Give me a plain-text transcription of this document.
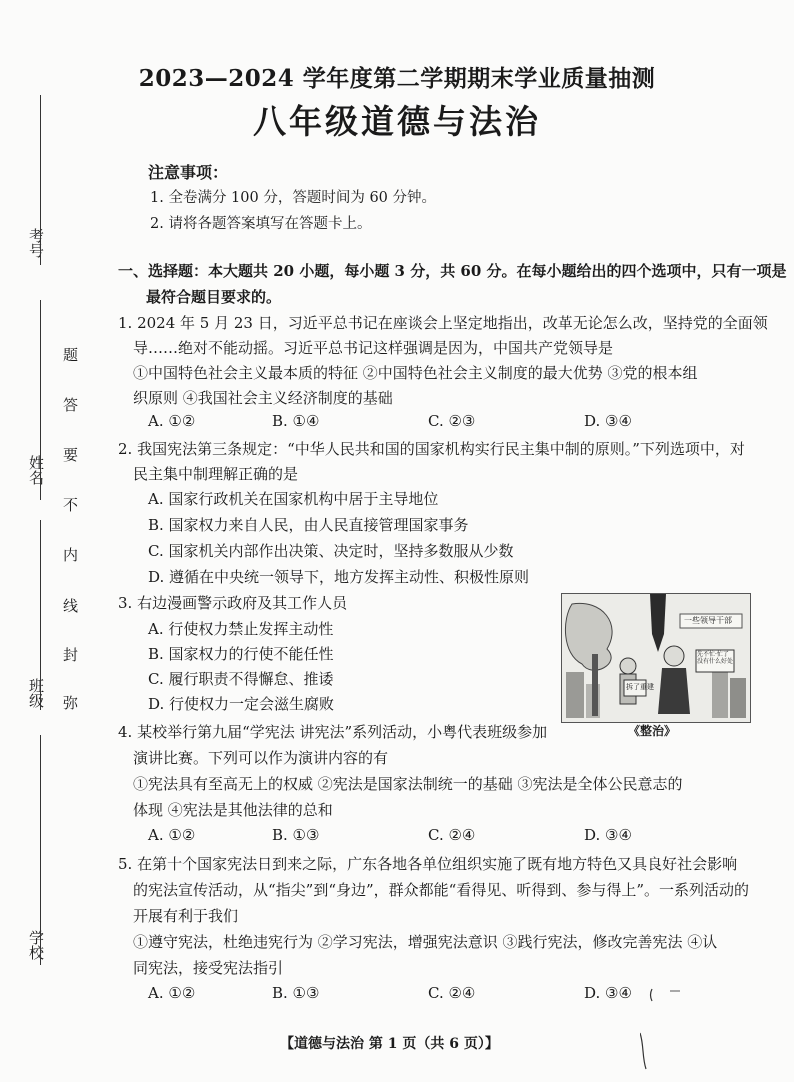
考号
姓名
班级
学校
弥
封
线
内
不
要
答
题
2023—2024 学年度第二学期期末学业质量抽测
八年级道德与法治
注意事项：
1. 全卷满分 100 分，答题时间为 60 分钟。
2. 请将各题答案填写在答题卡上。
一、选择题：本大题共 20 小题，每小题 3 分，共 60 分。在每小题给出的四个选项中，只有一项是
最符合题目要求的。
1. 2024 年 5 月 23 日，习近平总书记在座谈会上坚定地指出，改革无论怎么改，坚持党的全面领
导……绝对不能动摇。习近平总书记这样强调是因为，中国共产党领导是
①中国特色社会主义最本质的特征 ②中国特色社会主义制度的最大优势 ③党的根本组
织原则 ④我国社会主义经济制度的基础
A. ①②	B. ①④	C. ②③	D. ③④
2. 我国宪法第三条规定：“中华人民共和国的国家机构实行民主集中制的原则。”下列选项中，对
民主集中制理解正确的是
A. 国家行政机关在国家机构中居于主导地位
B. 国家权力来自人民，由人民直接管理国家事务
C. 国家机关内部作出决策、决定时，坚持多数服从少数
D. 遵循在中央统一领导下，地方发挥主动性、积极性原则
3. 右边漫画警示政府及其工作人员
A. 行使权力禁止发挥主动性
B. 国家权力的行使不能任性
C. 履行职责不得懈怠、推诿
D. 行使权力一定会滋生腐败
一些领导干部
拆了重建
先不忙·忙了没有什么好处
《整治》
4. 某校举行第九届“学宪法 讲宪法”系列活动，小粤代表班级参加
演讲比赛。下列可以作为演讲内容的有
①宪法具有至高无上的权威 ②宪法是国家法制统一的基础 ③宪法是全体公民意志的
体现 ④宪法是其他法律的总和
A. ①②	B. ①③	C. ②④	D. ③④
5. 在第十个国家宪法日到来之际，广东各地各单位组织实施了既有地方特色又具良好社会影响
的宪法宣传活动，从“指尖”到“身边”，群众都能“看得见、听得到、参与得上”。一系列活动的
开展有利于我们
①遵守宪法，杜绝违宪行为 ②学习宪法，增强宪法意识 ③践行宪法，修改完善宪法 ④认
同宪法，接受宪法指引
A. ①②	B. ①③	C. ②④	D. ③④
【道德与法治 第 1 页（共 6 页）】
